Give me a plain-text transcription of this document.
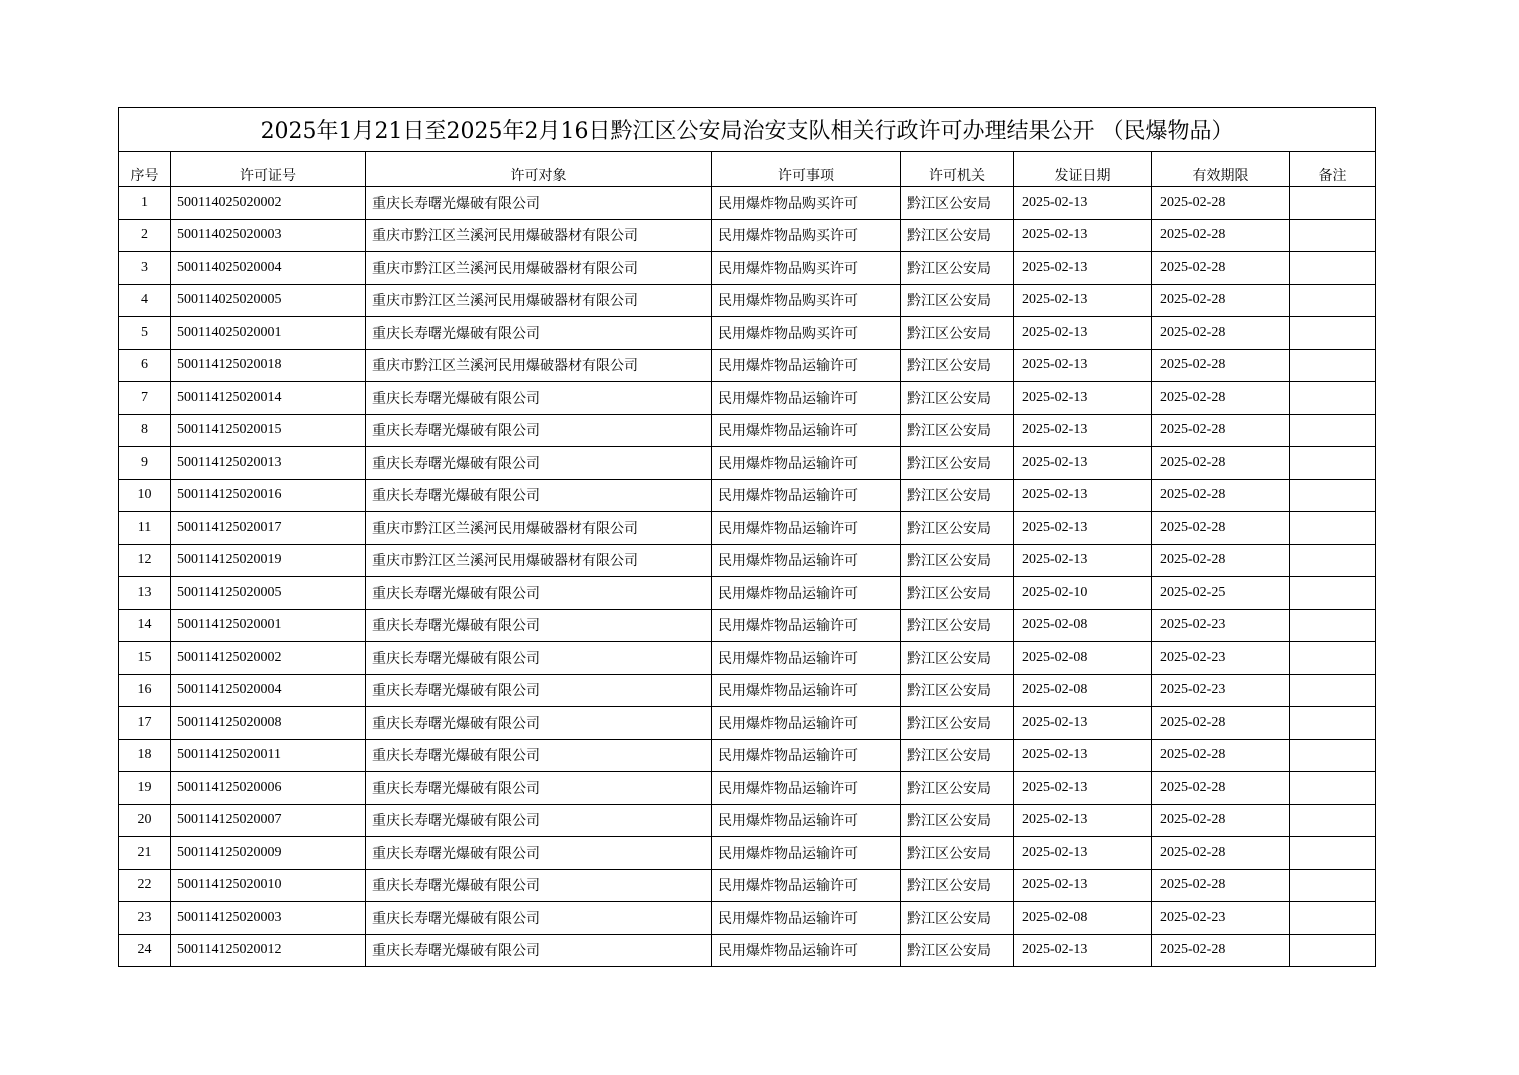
2025年1月21日至2025年2月16日黔江区公安局治安支队相关行政许可办理结果公开 （民爆物品）							
序号	许可证号	许可对象	许可事项	许可机关	发证日期	有效期限	备注
1	500114025020002	重庆长寿曙光爆破有限公司	民用爆炸物品购买许可	黔江区公安局	2025-02-13	2025-02-28	
2	500114025020003	重庆市黔江区兰溪河民用爆破器材有限公司	民用爆炸物品购买许可	黔江区公安局	2025-02-13	2025-02-28	
3	500114025020004	重庆市黔江区兰溪河民用爆破器材有限公司	民用爆炸物品购买许可	黔江区公安局	2025-02-13	2025-02-28	
4	500114025020005	重庆市黔江区兰溪河民用爆破器材有限公司	民用爆炸物品购买许可	黔江区公安局	2025-02-13	2025-02-28	
5	500114025020001	重庆长寿曙光爆破有限公司	民用爆炸物品购买许可	黔江区公安局	2025-02-13	2025-02-28	
6	500114125020018	重庆市黔江区兰溪河民用爆破器材有限公司	民用爆炸物品运输许可	黔江区公安局	2025-02-13	2025-02-28	
7	500114125020014	重庆长寿曙光爆破有限公司	民用爆炸物品运输许可	黔江区公安局	2025-02-13	2025-02-28	
8	500114125020015	重庆长寿曙光爆破有限公司	民用爆炸物品运输许可	黔江区公安局	2025-02-13	2025-02-28	
9	500114125020013	重庆长寿曙光爆破有限公司	民用爆炸物品运输许可	黔江区公安局	2025-02-13	2025-02-28	
10	500114125020016	重庆长寿曙光爆破有限公司	民用爆炸物品运输许可	黔江区公安局	2025-02-13	2025-02-28	
11	500114125020017	重庆市黔江区兰溪河民用爆破器材有限公司	民用爆炸物品运输许可	黔江区公安局	2025-02-13	2025-02-28	
12	500114125020019	重庆市黔江区兰溪河民用爆破器材有限公司	民用爆炸物品运输许可	黔江区公安局	2025-02-13	2025-02-28	
13	500114125020005	重庆长寿曙光爆破有限公司	民用爆炸物品运输许可	黔江区公安局	2025-02-10	2025-02-25	
14	500114125020001	重庆长寿曙光爆破有限公司	民用爆炸物品运输许可	黔江区公安局	2025-02-08	2025-02-23	
15	500114125020002	重庆长寿曙光爆破有限公司	民用爆炸物品运输许可	黔江区公安局	2025-02-08	2025-02-23	
16	500114125020004	重庆长寿曙光爆破有限公司	民用爆炸物品运输许可	黔江区公安局	2025-02-08	2025-02-23	
17	500114125020008	重庆长寿曙光爆破有限公司	民用爆炸物品运输许可	黔江区公安局	2025-02-13	2025-02-28	
18	500114125020011	重庆长寿曙光爆破有限公司	民用爆炸物品运输许可	黔江区公安局	2025-02-13	2025-02-28	
19	500114125020006	重庆长寿曙光爆破有限公司	民用爆炸物品运输许可	黔江区公安局	2025-02-13	2025-02-28	
20	500114125020007	重庆长寿曙光爆破有限公司	民用爆炸物品运输许可	黔江区公安局	2025-02-13	2025-02-28	
21	500114125020009	重庆长寿曙光爆破有限公司	民用爆炸物品运输许可	黔江区公安局	2025-02-13	2025-02-28	
22	500114125020010	重庆长寿曙光爆破有限公司	民用爆炸物品运输许可	黔江区公安局	2025-02-13	2025-02-28	
23	500114125020003	重庆长寿曙光爆破有限公司	民用爆炸物品运输许可	黔江区公安局	2025-02-08	2025-02-23	
24	500114125020012	重庆长寿曙光爆破有限公司	民用爆炸物品运输许可	黔江区公安局	2025-02-13	2025-02-28	
